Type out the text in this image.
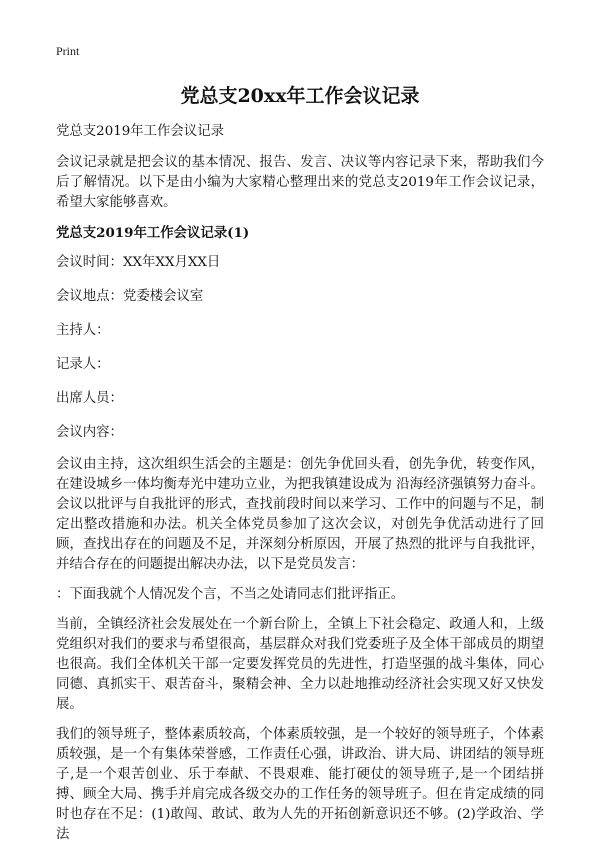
Print
党总支20xx年工作会议记录

党总支2019年工作会议记录

会议记录就是把会议的基本情况、报告、发言、决议等内容记录下来，帮助我们今后了解情况。以下是由小编为大家精心整理出来的党总支2019年工作会议记录，希望大家能够喜欢。

党总支2019年工作会议记录(1)
会议时间：XX年XX月XX日
会议地点：党委楼会议室
主持人：
记录人：
出席人员：
会议内容：

会议由主持，这次组织生活会的主题是：创先争优回头看，创先争优，转变作风，在建设城乡一体均衡寿光中建功立业，为把我镇建设成为 沿海经济强镇努力奋斗。会议以批评与自我批评的形式，查找前段时间以来学习、工作中的问题与不足，制定出整改措施和办法。机关全体党员参加了这次会议，对创先争优活动进行了回顾，查找出存在的问题及不足，并深刻分析原因，开展了热烈的批评与自我批评，并结合存在的问题提出解决办法，以下是党员发言：

：下面我就个人情况发个言，不当之处请同志们批评指正。

当前，全镇经济社会发展处在一个新台阶上，全镇上下社会稳定、政通人和，上级党组织对我们的要求与希望很高，基层群众对我们党委班子及全体干部成员的期望也很高。我们全体机关干部一定要发挥党员的先进性，打造坚强的战斗集体，同心同德、真抓实干、艰苦奋斗，聚精会神、全力以赴地推动经济社会实现又好又快发展。

我们的领导班子，整体素质较高，个体素质较强，是一个较好的领导班子，个体素质较强，是一个有集体荣誉感，工作责任心强，讲政治、讲大局、讲团结的领导班子,是一个艰苦创业、乐于奉献、不畏艰难、能打硬仗的领导班子,是一个团结拼搏、顾全大局、携手并肩完成各级交办的工作任务的领导班子。但在肯定成绩的同时也存在不足：(1)敢闯、敢试、敢为人先的开拓创新意识还不够。(2)学政治、学法
